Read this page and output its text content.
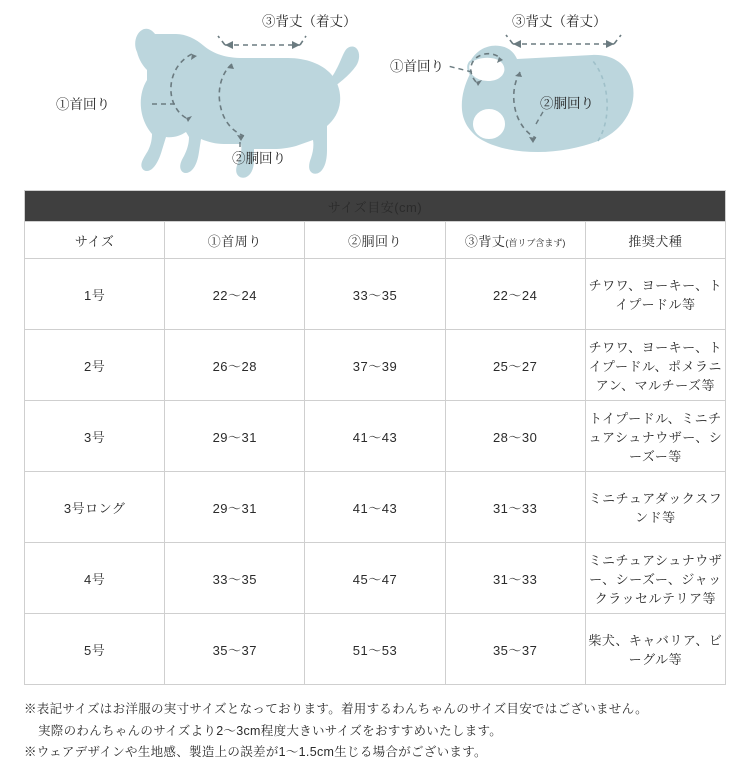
①首回り
②胴回り
③背丈（着丈）
①首回り
②胴回り
③背丈（着丈）
サイズ目安(cm)				
サイズ	①首周り	②胴回り	③背丈(首リブ含まず)	推奨犬種
1号	22〜24	33〜35	22〜24	チワワ、ヨーキー、トイプードル等
2号	26〜28	37〜39	25〜27	チワワ、ヨーキー、トイプードル、ポメラニアン、マルチーズ等
3号	29〜31	41〜43	28〜30	トイプードル、ミニチュアシュナウザー、シーズー等
3号ロング	29〜31	41〜43	31〜33	ミニチュアダックスフンド等
4号	33〜35	45〜47	31〜33	ミニチュアシュナウザー、シーズー、ジャックラッセルテリア等
5号	35〜37	51〜53	35〜37	柴犬、キャバリア、ビーグル等
※表記サイズはお洋服の実寸サイズとなっております。着用するわんちゃんのサイズ目安ではございません。
実際のわんちゃんのサイズより2〜3cm程度大きいサイズをおすすめいたします。
※ウェアデザインや生地感、製造上の誤差が1〜1.5cm生じる場合がございます。
